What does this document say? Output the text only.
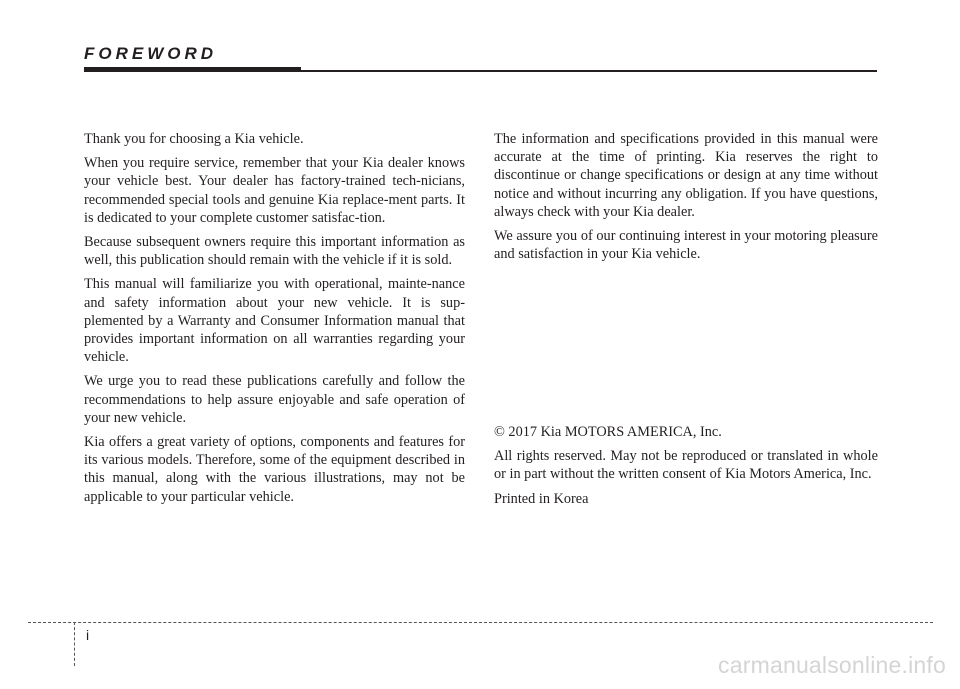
FOREWORD

Thank you for choosing a Kia vehicle.

When you require service, remember that your Kia dealer knows your vehicle best. Your dealer has factory-trained tech-nicians, recommended special tools and genuine Kia replace-ment parts. It is dedicated to your complete customer satisfac-tion.

Because subsequent owners require this important information as well, this publication should remain with the vehicle if it is sold.

This manual will familiarize you with operational, mainte-nance and safety information about your new vehicle. It is sup-plemented by a Warranty and Consumer Information manual that provides important information on all warranties regarding your vehicle.

We urge you to read these publications carefully and follow the recommendations to help assure enjoyable and safe operation of your new vehicle.

Kia offers a great variety of options, components and features for its various models. Therefore, some of the equipment described in this manual, along with the various illustrations, may not be applicable to your particular vehicle.

The information and specifications provided in this manual were accurate at the time of printing. Kia reserves the right to discontinue or change specifications or design at any time without notice and without incurring any obligation. If you have questions, always check with your Kia dealer.

We assure you of our continuing interest in your motoring pleasure and satisfaction in your Kia vehicle.

© 2017 Kia MOTORS AMERICA, Inc.

All rights reserved. May not be reproduced or translated in whole or in part without the written consent of Kia Motors America, Inc.

Printed in Korea

i
carmanualsonline.info
